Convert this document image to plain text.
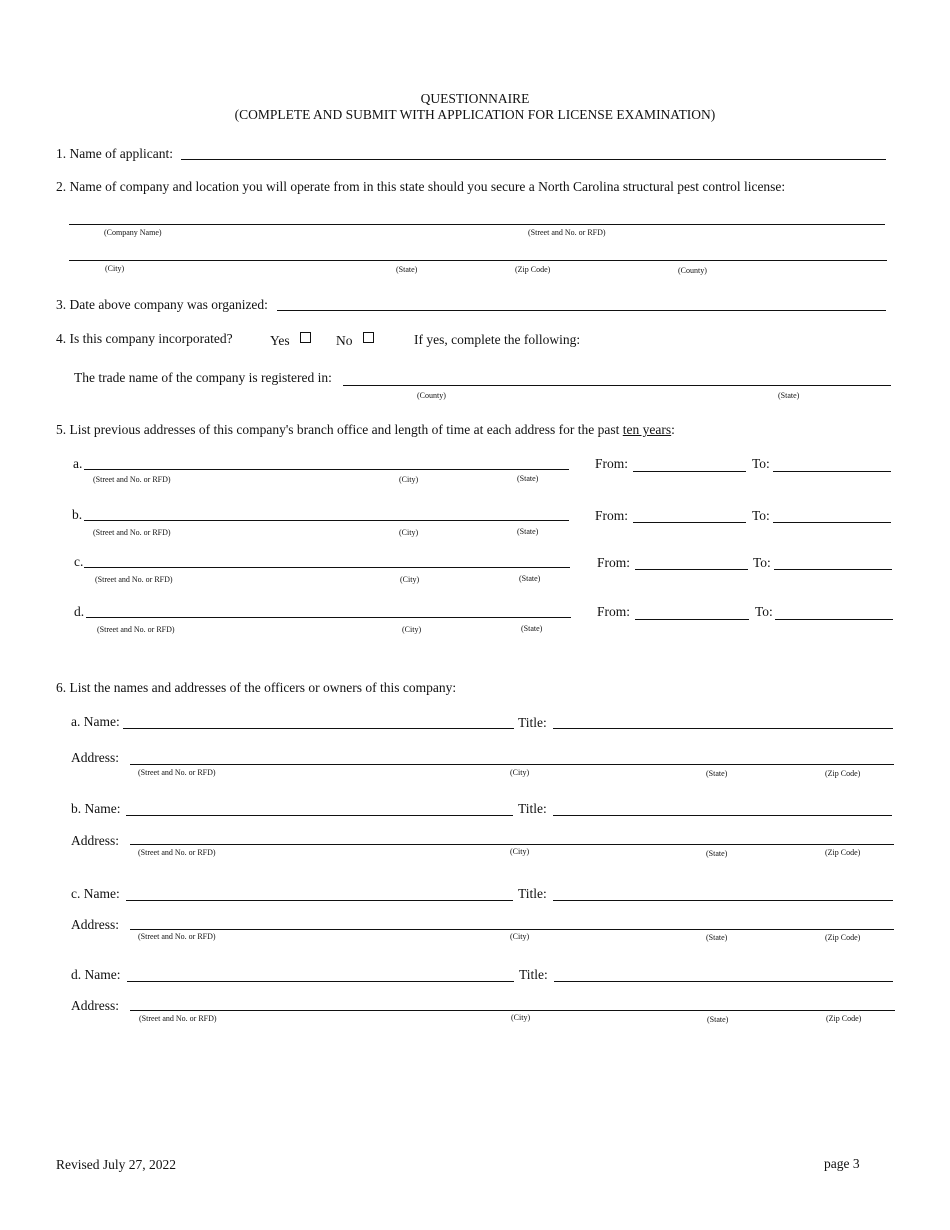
QUESTIONNAIRE
(COMPLETE AND SUBMIT WITH APPLICATION FOR LICENSE EXAMINATION)
1. Name of applicant:
2. Name of company and location you will operate from in this state should you secure a North Carolina structural pest control license:
(Company Name)	(Street and No. or RFD)
(City)	(State)	(Zip Code)	(County)
3. Date above company was organized:
4. Is this company incorporated?	Yes	No	If yes, complete the following:
The trade name of the company is registered in:
(County)	(State)
5. List previous addresses of this company's branch office and length of time at each address for the past ten years:
a.
(Street and No. or RFD)	(City)	(State)
From:	To:
b.
(Street and No. or RFD)	(City)	(State)
From:	To:
c.
(Street and No. or RFD)	(City)	(State)
From:	To:
d.
(Street and No. or RFD)	(City)	(State)
From:	To:
6. List the names and addresses of the officers or owners of this company:
a. Name:	Title:
Address:
(Street and No. or RFD)	(City)	(State)	(Zip Code)
b. Name:	Title:
Address:
(Street and No. or RFD)	(City)	(State)	(Zip Code)
c. Name:	Title:
Address:
(Street and No. or RFD)	(City)	(State)	(Zip Code)
d. Name:	Title:
Address:
(Street and No. or RFD)	(City)	(State)	(Zip Code)
Revised July 27, 2022	page 3
